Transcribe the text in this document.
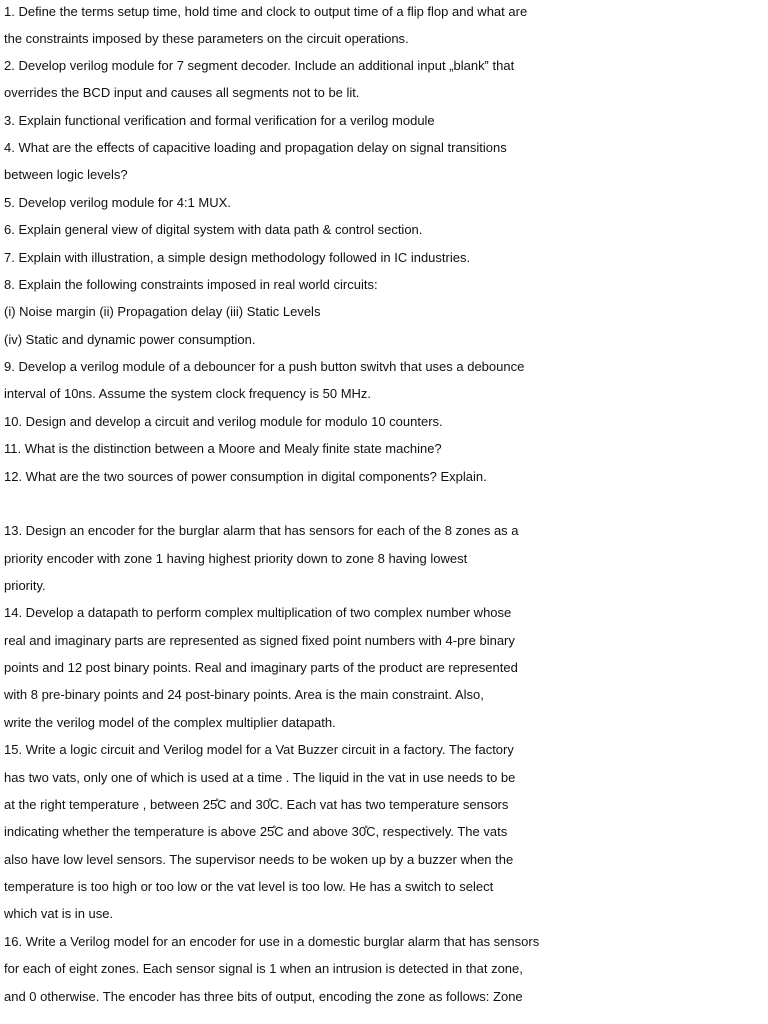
1. Define the terms setup time, hold time and clock to output time of a flip flop and what are
the constraints imposed by these parameters on the circuit operations.
2. Develop verilog module for 7 segment decoder. Include an additional input „blank‟ that
overrides the BCD input and causes all segments not to be lit.
3. Explain functional verification and formal verification for a verilog module
4. What are the effects of capacitive loading and propagation delay on signal transitions
between logic levels?
5. Develop verilog module for 4:1 MUX.
6. Explain general view of digital system with data path & control section.
7. Explain with illustration, a simple design methodology followed in IC industries.
8. Explain the following constraints imposed in real world circuits:
(i) Noise margin (ii) Propagation delay (iii) Static Levels
(iv) Static and dynamic power consumption.
9. Develop a verilog module of a debouncer for a push button switvh that uses a debounce
interval of 10ns. Assume the system clock frequency is 50 MHz.
10. Design and develop a circuit and verilog module for modulo 10 counters.
11. What is the distinction between a Moore and Mealy finite state machine?
12. What are the two sources of power consumption in digital components? Explain.
13. Design an encoder for the burglar alarm that has sensors for each of the 8 zones as a
priority encoder with zone 1 having highest priority down to zone 8 having lowest
priority.
14. Develop a datapath to perform complex multiplication of two complex number whose
real and imaginary parts are represented as signed fixed point numbers with 4-pre binary
points and 12 post binary points. Real and imaginary parts of the product are represented
with 8 pre-binary points and 24 post-binary points. Area is the main constraint. Also,
write the verilog model of the complex multiplier datapath.
15. Write a logic circuit and Verilog model for a Vat Buzzer circuit in a factory. The factory
has two vats, only one of which is used at a time . The liquid in the vat in use needs to be
at the right temperature , between 25̊C and 30̊C. Each vat has two temperature sensors
indicating whether the temperature is above 25̊C and above 30̊C, respectively. The vats
also have low level sensors. The supervisor needs to be woken up by a buzzer when the
temperature is too high or too low or the vat level is too low. He has a switch to select
which vat is in use.
16. Write a Verilog model for an encoder for use in a domestic burglar alarm that has sensors
for each of eight zones. Each sensor signal is 1 when an intrusion is detected in that zone,
and 0 otherwise. The encoder has three bits of output, encoding the zone as follows: Zone
